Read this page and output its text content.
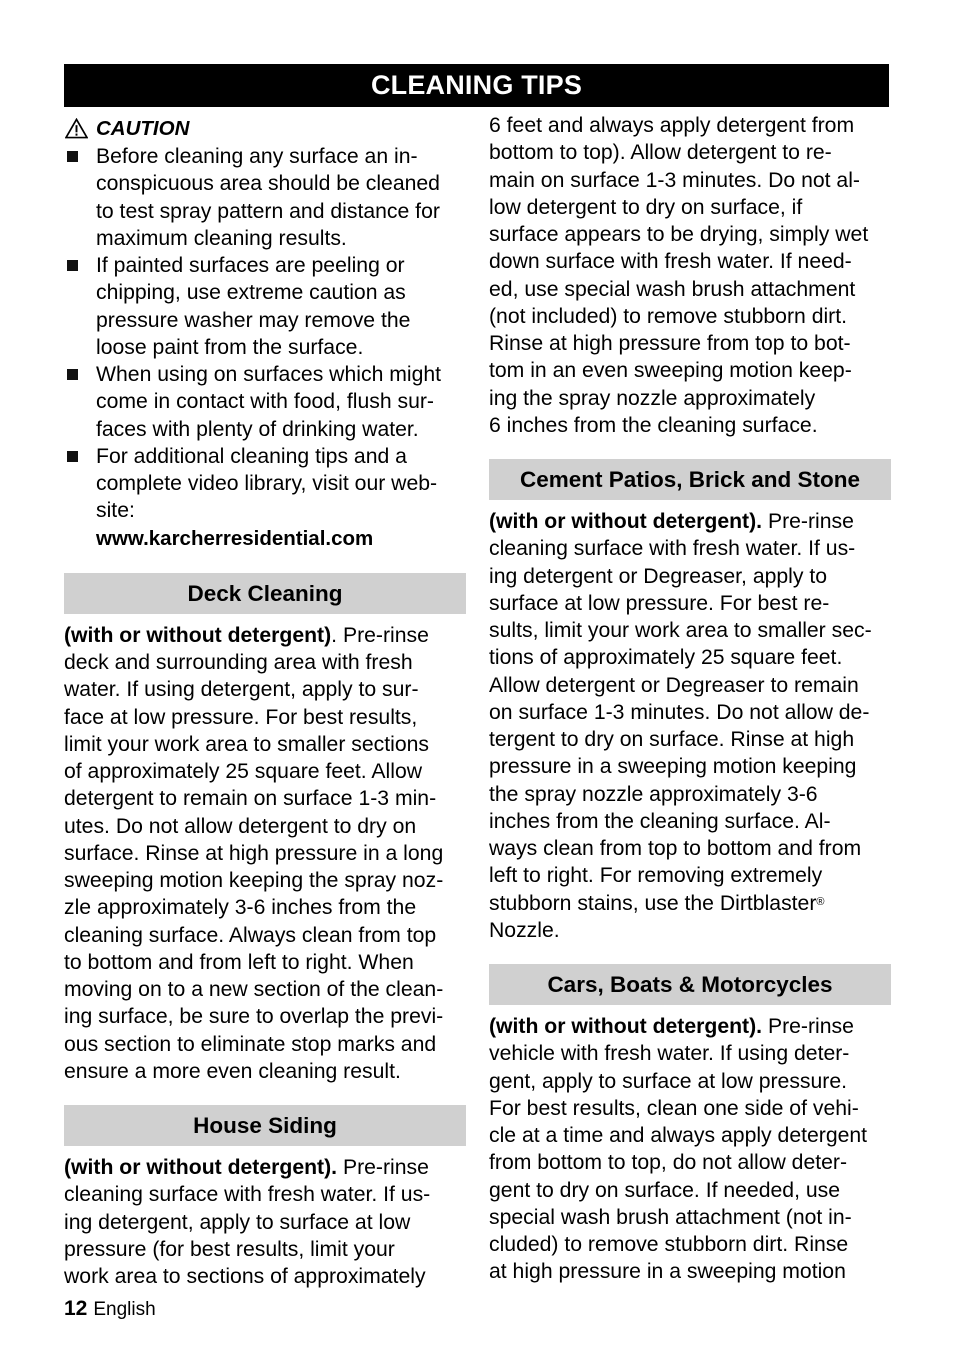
CLEANING TIPS
CAUTION
Before cleaning any surface an in-
conspicuous area should be cleaned
to test spray pattern and distance for
maximum cleaning results.
If painted surfaces are peeling or
chipping, use extreme caution as
pressure washer may remove the
loose paint from the surface.
When using on surfaces which might
come in contact with food, flush sur-
faces with plenty of drinking water.
For additional cleaning tips and a
complete video library, visit our web-
site:
www.karcherresidential.com
Deck Cleaning
(with or without detergent). Pre-rinse
deck and surrounding area with fresh
water. If using detergent, apply to sur-
face at low pressure. For best results,
limit your work area to smaller sections
of approximately 25 square feet. Allow
detergent to remain on surface 1-3 min-
utes. Do not allow detergent to dry on
surface. Rinse at high pressure in a long
sweeping motion keeping the spray noz-
zle approximately 3-6 inches from the
cleaning surface. Always clean from top
to bottom and from left to right. When
moving on to a new section of the clean-
ing surface, be sure to overlap the previ-
ous section to eliminate stop marks and
ensure a more even cleaning result.
House Siding
(with or without detergent). Pre-rinse
cleaning surface with fresh water. If us-
ing detergent, apply to surface at low
pressure (for best results, limit your
work area to sections of approximately
6 feet and always apply detergent from
bottom to top). Allow detergent to re-
main on surface 1-3 minutes. Do not al-
low detergent to dry on surface, if
surface appears to be drying, simply wet
down surface with fresh water. If need-
ed, use special wash brush attachment
(not included) to remove stubborn dirt.
Rinse at high pressure from top to bot-
tom in an even sweeping motion keep-
ing the spray nozzle approximately
6 inches from the cleaning surface.
Cement Patios, Brick and Stone
(with or without detergent). Pre-rinse
cleaning surface with fresh water. If us-
ing detergent or Degreaser, apply to
surface at low pressure. For best re-
sults, limit your work area to smaller sec-
tions of approximately 25 square feet.
Allow detergent or Degreaser to remain
on surface 1-3 minutes. Do not allow de-
tergent to dry on surface. Rinse at high
pressure in a sweeping motion keeping
the spray nozzle approximately 3-6
inches from the cleaning surface. Al-
ways clean from top to bottom and from
left to right. For removing extremely
stubborn stains, use the Dirtblaster®
Nozzle.
Cars, Boats & Motorcycles
(with or without detergent). Pre-rinse
vehicle with fresh water. If using deter-
gent, apply to surface at low pressure.
For best results, clean one side of vehi-
cle at a time and always apply detergent
from bottom to top, do not allow deter-
gent to dry on surface. If needed, use
special wash brush attachment (not in-
cluded) to remove stubborn dirt. Rinse
at high pressure in a sweeping motion
12 English
